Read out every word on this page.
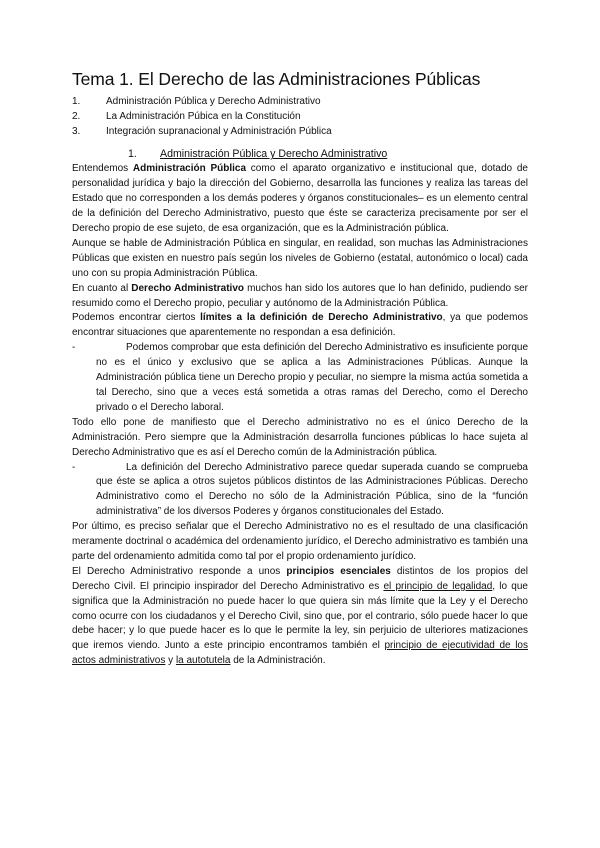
Tema 1. El Derecho de las Administraciones Públicas
1.	Administración Pública y Derecho Administrativo
2.	La Administración Púbica en la Constitución
3.	Integración supranacional y Administración Pública
1.	Administración Pública y Derecho Administrativo

Entendemos Administración Pública como el aparato organizativo e institucional que, dotado de personalidad jurídica y bajo la dirección del Gobierno, desarrolla las funciones y realiza las tareas del Estado que no corresponden a los demás poderes y órganos constitucionales– es un elemento central de la definición del Derecho Administrativo, puesto que éste se caracteriza precisamente por ser el Derecho propio de ese sujeto, de esa organización, que es la Administración pública.

Aunque se hable de Administración Pública en singular, en realidad, son muchas las Administraciones Públicas que existen en nuestro país según los niveles de Gobierno (estatal, autonómico o local) cada uno con su propia Administración Pública.

En cuanto al Derecho Administrativo muchos han sido los autores que lo han definido, pudiendo ser resumido como el Derecho propio, peculiar y autónomo de la Administración Pública.

Podemos encontrar ciertos límites a la definición de Derecho Administrativo, ya que podemos encontrar situaciones que aparentemente no respondan a esa definición.

-	Podemos comprobar que esta definición del Derecho Administrativo es insuficiente porque no es el único y exclusivo que se aplica a las Administraciones Públicas. Aunque la Administración pública tiene un Derecho propio y peculiar, no siempre la misma actúa sometida a tal Derecho, sino que a veces está sometida a otras ramas del Derecho, como el Derecho privado o el Derecho laboral.

Todo ello pone de manifiesto que el Derecho administrativo no es el único Derecho de la Administración. Pero siempre que la Administración desarrolla funciones públicas lo hace sujeta al Derecho Administrativo que es así el Derecho común de la Administración pública.

-	La definición del Derecho Administrativo parece quedar superada cuando se comprueba que éste se aplica a otros sujetos públicos distintos de las Administraciones Públicas. Derecho Administrativo como el Derecho no sólo de la Administración Pública, sino de la “función administrativa” de los diversos Poderes y órganos constitucionales del Estado.

Por último, es preciso señalar que el Derecho Administrativo no es el resultado de una clasificación meramente doctrinal o académica del ordenamiento jurídico, el Derecho administrativo es también una parte del ordenamiento admitida como tal por el propio ordenamiento jurídico.

El Derecho Administrativo responde a unos principios esenciales distintos de los propios del Derecho Civil. El principio inspirador del Derecho Administrativo es el principio de legalidad, lo que significa que la Administración no puede hacer lo que quiera sin más límite que la Ley y el Derecho como ocurre con los ciudadanos y el Derecho Civil, sino que, por el contrario, sólo puede hacer lo que debe hacer; y lo que puede hacer es lo que le permite la ley, sin perjuicio de ulteriores matizaciones que iremos viendo. Junto a este principio encontramos también el principio de ejecutividad de los actos administrativos y la autotutela de la Administración.
